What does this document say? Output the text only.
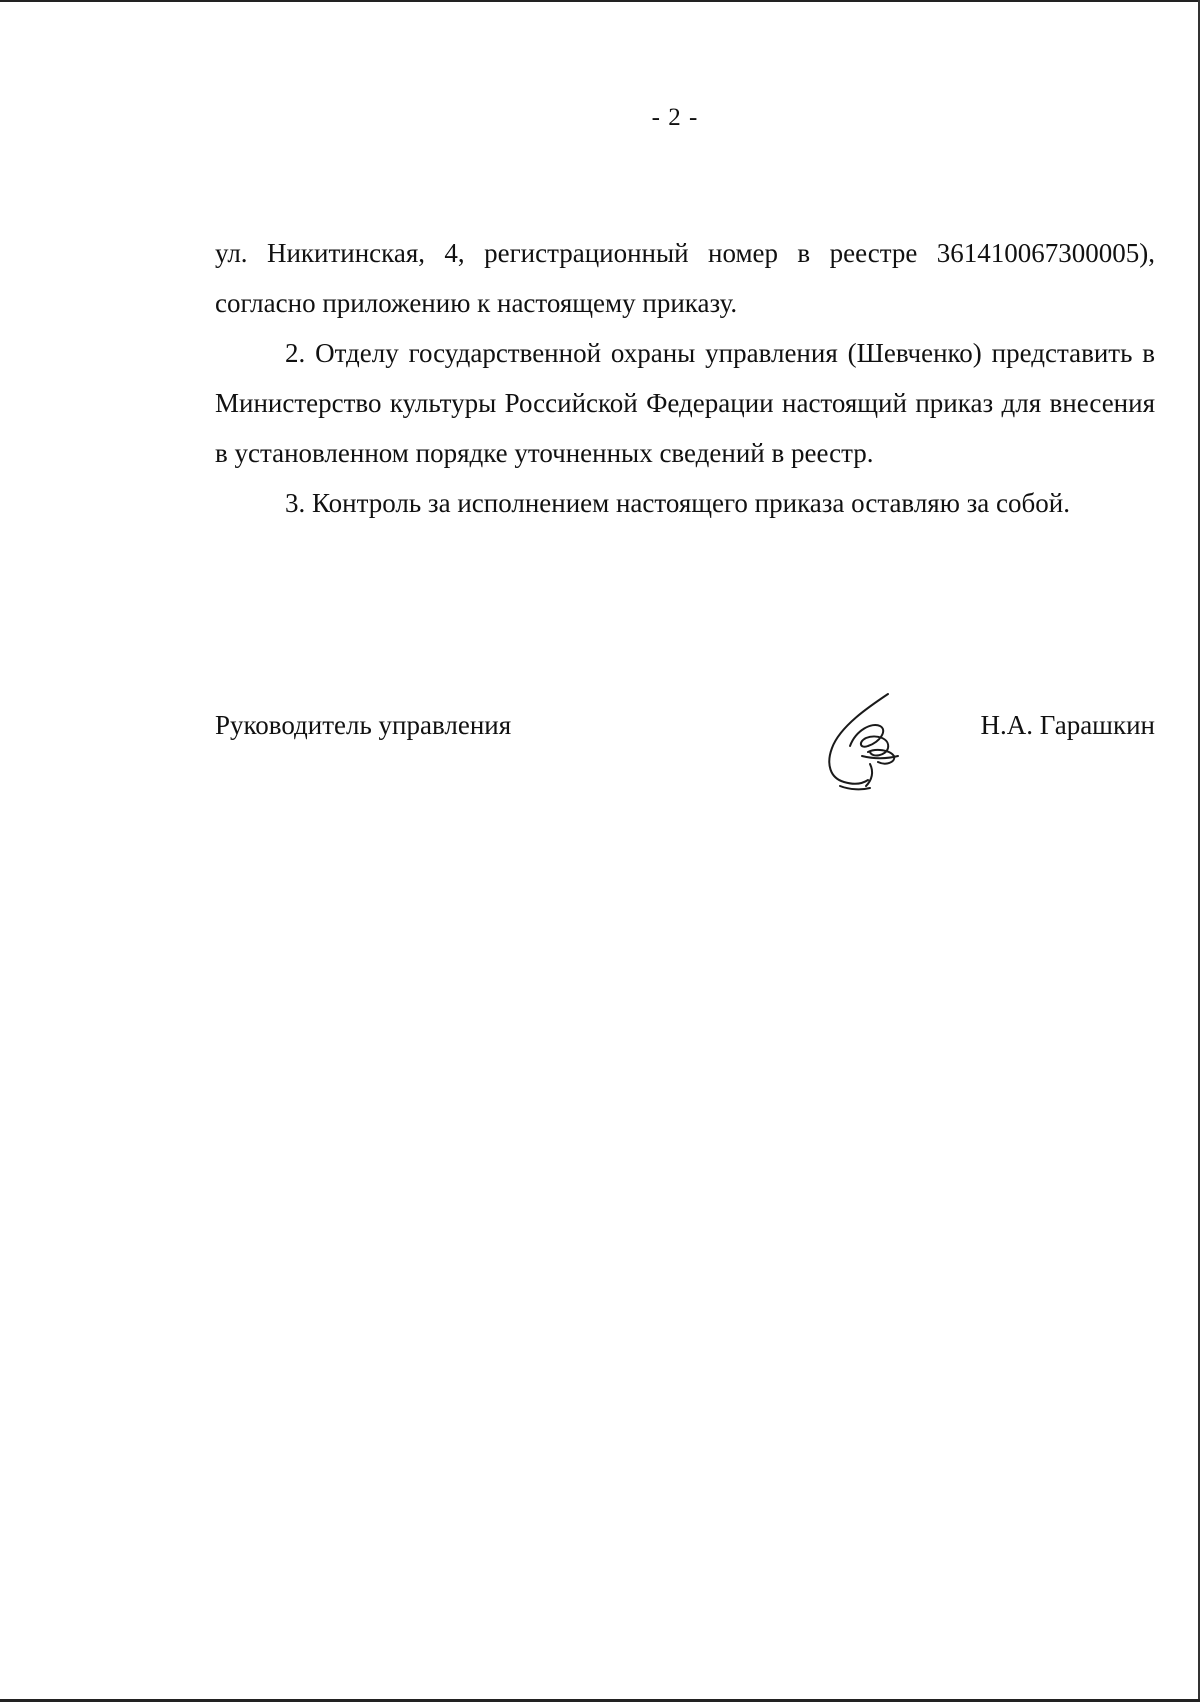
- 2 -

ул. Никитинская, 4, регистрационный номер в реестре 361410067300005), согласно приложению к настоящему приказу.

2. Отделу государственной охраны управления (Шевченко) представить в Министерство культуры Российской Федерации настоящий приказ для внесения в установленном порядке уточненных сведений в реестр.

3. Контроль за исполнением настоящего приказа оставляю за собой.

Руководитель управления	Н.А. Гарашкин
